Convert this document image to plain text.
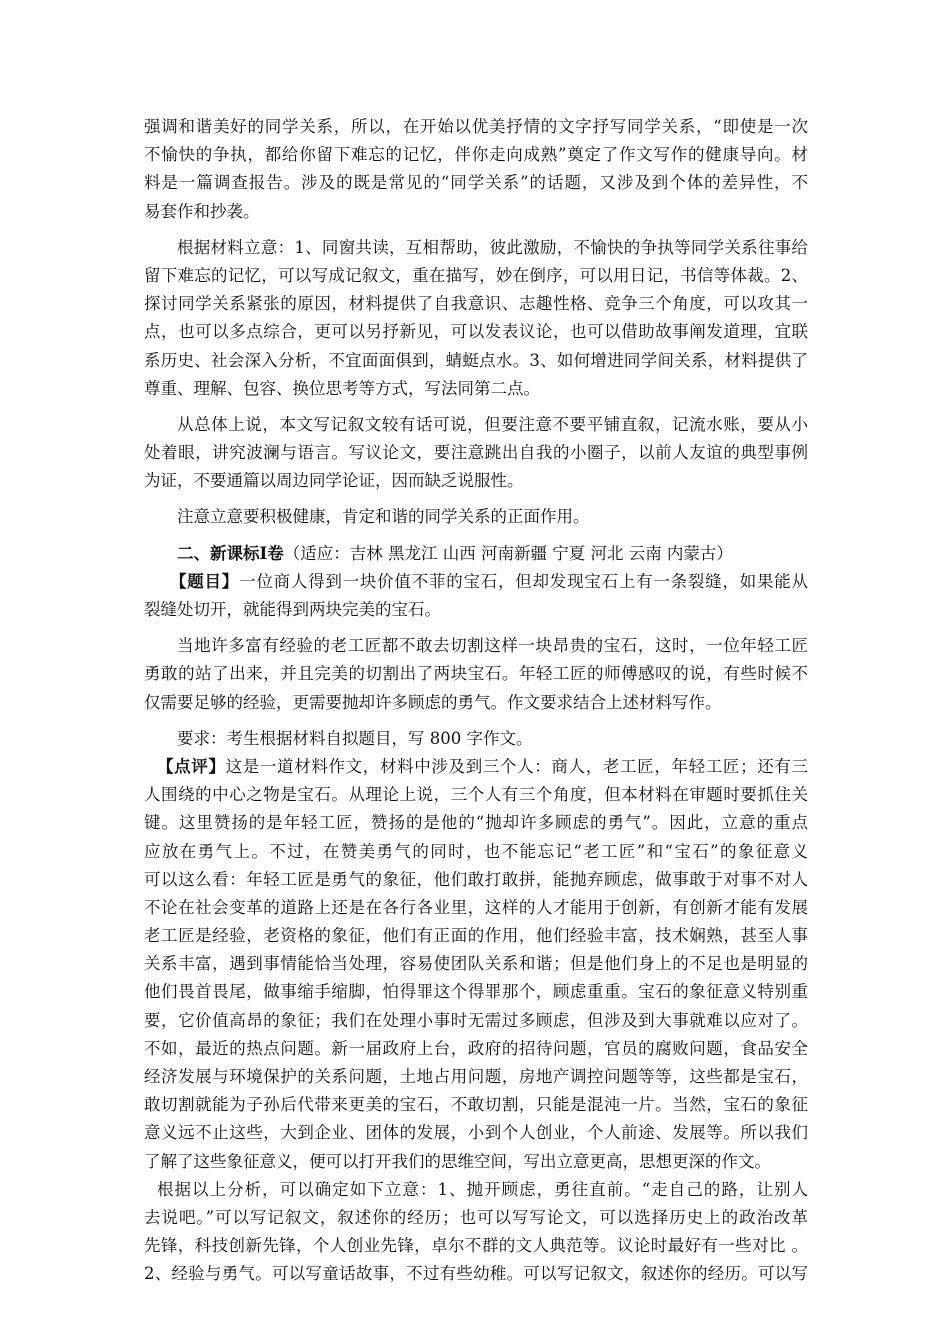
强调和谐美好的同学关系，所以，在开始以优美抒情的文字抒写同学关系，“即使是一次
不愉快的争执，都给你留下难忘的记忆，伴你走向成熟”奠定了作文写作的健康导向。材
料是一篇调查报告。涉及的既是常见的“同学关系”的话题，又涉及到个体的差异性，不
易套作和抄袭。
根据材料立意：1、同窗共读，互相帮助，彼此激励，不愉快的争执等同学关系往事给
留下难忘的记忆，可以写成记叙文，重在描写，妙在倒序，可以用日记，书信等体裁。2、
探讨同学关系紧张的原因，材料提供了自我意识、志趣性格、竞争三个角度，可以攻其一
点，也可以多点综合，更可以另抒新见，可以发表议论，也可以借助故事阐发道理，宜联
系历史、社会深入分析，不宜面面俱到，蜻蜓点水。3、如何增进同学间关系，材料提供了
尊重、理解、包容、换位思考等方式，写法同第二点。
从总体上说，本文写记叙文较有话可说，但要注意不要平铺直叙，记流水账，要从小
处着眼，讲究波澜与语言。写议论文，要注意跳出自我的小圈子，以前人友谊的典型事例
为证，不要通篇以周边同学论证，因而缺乏说服性。
注意立意要积极健康，肯定和谐的同学关系的正面作用。
二、新课标Ⅰ卷（适应：吉林 黑龙江 山西 河南新疆 宁夏 河北 云南 内蒙古）
【题目】一位商人得到一块价值不菲的宝石，但却发现宝石上有一条裂缝，如果能从
裂缝处切开，就能得到两块完美的宝石。
当地许多富有经验的老工匠都不敢去切割这样一块昂贵的宝石，这时，一位年轻工匠
勇敢的站了出来，并且完美的切割出了两块宝石。年轻工匠的师傅感叹的说，有些时候不
仅需要足够的经验，更需要抛却许多顾虑的勇气。作文要求结合上述材料写作。
要求：考生根据材料自拟题目，写 800 字作文。
【点评】这是一道材料作文，材料中涉及到三个人：商人，老工匠，年轻工匠；还有三
人围绕的中心之物是宝石。从理论上说，三个人有三个角度，但本材料在审题时要抓住关
键。这里赞扬的是年轻工匠，赞扬的是他的“抛却许多顾虑的勇气”。因此，立意的重点
应放在勇气上。不过，在赞美勇气的同时，也不能忘记“老工匠”和“宝石”的象征意义
可以这么看：年轻工匠是勇气的象征，他们敢打敢拼，能抛弃顾虑，做事敢于对事不对人
不论在社会变革的道路上还是在各行各业里，这样的人才能用于创新，有创新才能有发展
老工匠是经验，老资格的象征，他们有正面的作用，他们经验丰富，技术娴熟，甚至人事
关系丰富，遇到事情能恰当处理，容易使团队关系和谐；但是他们身上的不足也是明显的
他们畏首畏尾，做事缩手缩脚，怕得罪这个得罪那个，顾虑重重。宝石的象征意义特别重
要，它价值高昂的象征；我们在处理小事时无需过多顾虑，但涉及到大事就难以应对了。
不如，最近的热点问题。新一届政府上台，政府的招待问题，官员的腐败问题，食品安全
经济发展与环境保护的关系问题，土地占用问题，房地产调控问题等等，这些都是宝石，
敢切割就能为子孙后代带来更美的宝石，不敢切割，只能是混沌一片。当然，宝石的象征
意义远不止这些，大到企业、团体的发展，小到个人创业，个人前途、发展等。所以我们
了解了这些象征意义，便可以打开我们的思维空间，写出立意更高，思想更深的作文。
根据以上分析，可以确定如下立意：1、抛开顾虑，勇往直前。“走自己的路，让别人
去说吧。”可以写记叙文，叙述你的经历；也可以写写论文，可以选择历史上的政治改革
先锋，科技创新先锋，个人创业先锋，卓尔不群的文人典范等。议论时最好有一些对比 。
2、经验与勇气。可以写童话故事，不过有些幼稚。可以写记叙文，叙述你的经历。可以写
